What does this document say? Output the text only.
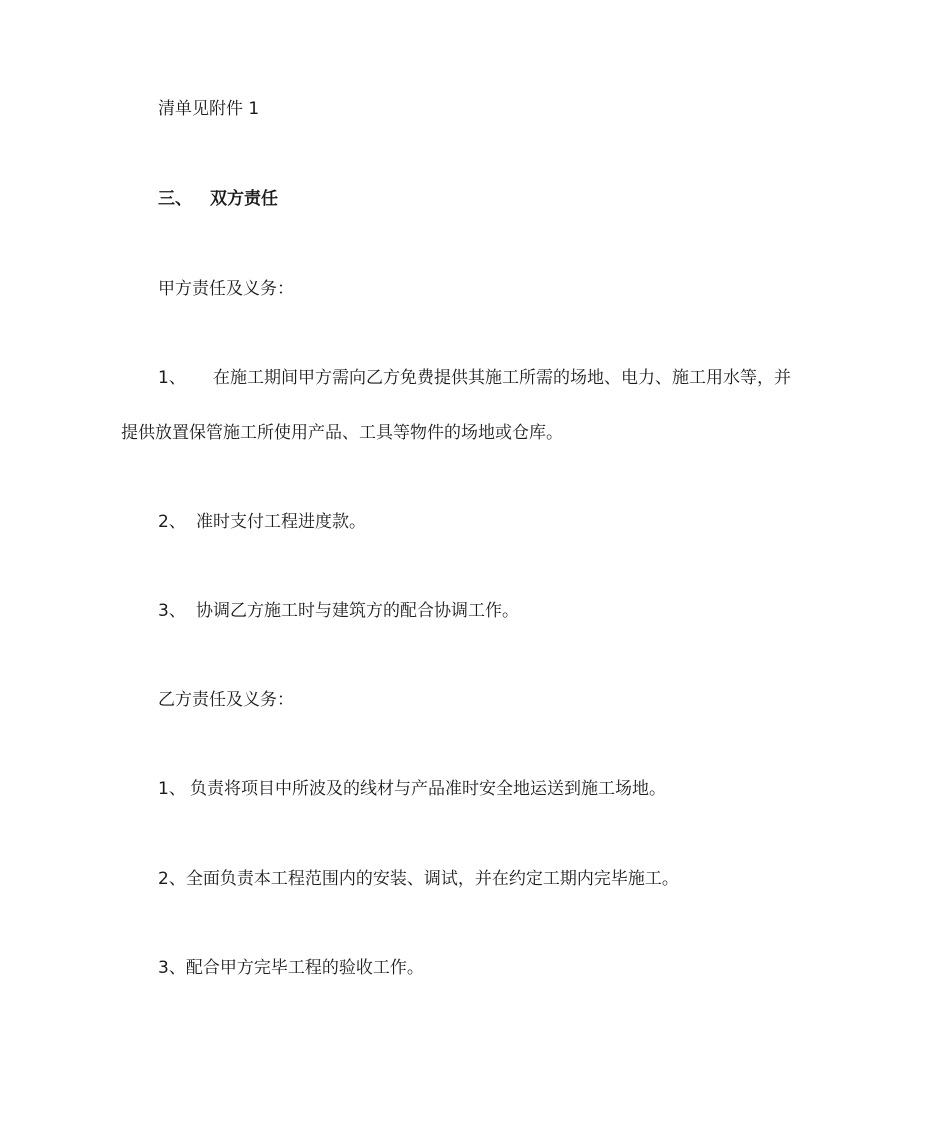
清单见附件 1
三、 双方责任
甲方责任及义务：
1、 在施工期间甲方需向乙方免费提供其施工所需的场地、电力、施工用水等，并
提供放置保管施工所使用产品、工具等物件的场地或仓库。
2、 准时支付工程进度款。
3、 协调乙方施工时与建筑方的配合协调工作。
乙方责任及义务：
1、 负责将项目中所波及的线材与产品准时安全地运送到施工场地。
2、全面负责本工程范围内的安装、调试，并在约定工期内完毕施工。
3、配合甲方完毕工程的验收工作。
